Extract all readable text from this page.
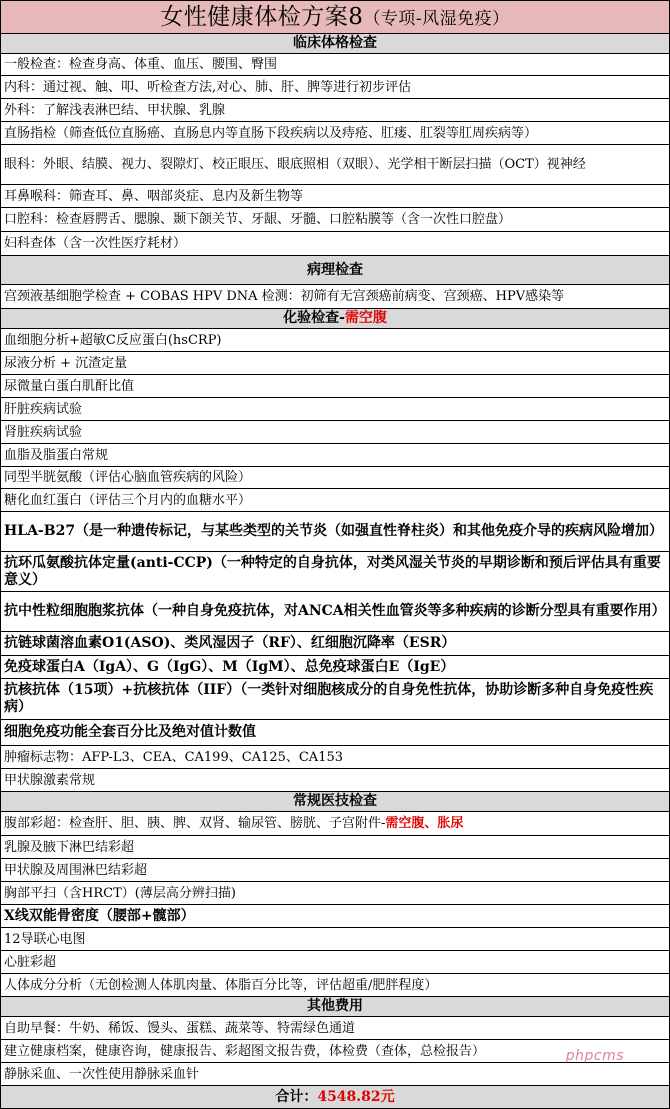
女性健康体检方案8（专项-风湿免疫）
临床体格检查
一般检查：检查身高、体重、血压、腰围、臀围
内科：通过视、触、叩、听检查方法,对心、肺、肝、脾等进行初步评估
外科：了解浅表淋巴结、甲状腺、乳腺
直肠指检（筛查低位直肠癌、直肠息内等直肠下段疾病以及痔疮、肛瘘、肛裂等肛周疾病等）
眼科：外眼、结膜、视力、裂隙灯、校正眼压、眼底照相（双眼）、光学相干断层扫描（OCT）视神经
耳鼻喉科：筛查耳、鼻、咽部炎症、息内及新生物等
口腔科：检查唇腭舌、腮腺、颞下颌关节、牙龈、牙髓、口腔粘膜等（含一次性口腔盘）
妇科查体（含一次性医疗耗材）
病理检查
宫颈液基细胞学检查 + COBAS HPV DNA 检测：初筛有无宫颈癌前病变、宫颈癌、HPV感染等
化验检查-需空腹
血细胞分析+超敏C反应蛋白(hsCRP)
尿液分析 + 沉渣定量
尿微量白蛋白肌酐比值
肝脏疾病试验
肾脏疾病试验
血脂及脂蛋白常规
同型半胱氨酸（评估心脑血管疾病的风险）
糖化血红蛋白（评估三个月内的血糖水平）
HLA-B27（是一种遗传标记，与某些类型的关节炎（如强直性脊柱炎）和其他免疫介导的疾病风险增加）
抗环瓜氨酸抗体定量(anti-CCP)（一种特定的自身抗体，对类风湿关节炎的早期诊断和预后评估具有重要意义）
抗中性粒细胞胞浆抗体（一种自身免疫抗体，对ANCA相关性血管炎等多种疾病的诊断分型具有重要作用）
抗链球菌溶血素O1(ASO)、类风湿因子（RF）、红细胞沉降率（ESR）
免疫球蛋白A（IgA）、G（IgG）、M（IgM）、总免疫球蛋白E（IgE）
抗核抗体（15项）+抗核抗体（IIF）（一类针对细胞核成分的自身免性抗体，协助诊断多种自身免疫性疾病）
细胞免疫功能全套百分比及绝对值计数值
肿瘤标志物：AFP-L3、CEA、CA199、CA125、CA153
甲状腺激素常规
常规医技检查
腹部彩超：检查肝、胆、胰、脾、双肾、输尿管、膀胱、子宫附件- 需空腹、胀尿
乳腺及腋下淋巴结彩超
甲状腺及周围淋巴结彩超
胸部平扫（含HRCT）(薄层高分辨扫描)
X线双能骨密度（腰部+髋部）
12导联心电图
心脏彩超
人体成分分析（无创检测人体肌肉量、体脂百分比等，评估超重/肥胖程度）
其他费用
自助早餐：牛奶、稀饭、馒头、蛋糕、蔬菜等、特需绿色通道
建立健康档案，健康咨询，健康报告、彩超图文报告费，体检费（查体，总检报告）
静脉采血、一次性使用静脉采血针
合计：4548.82元
phpcms
